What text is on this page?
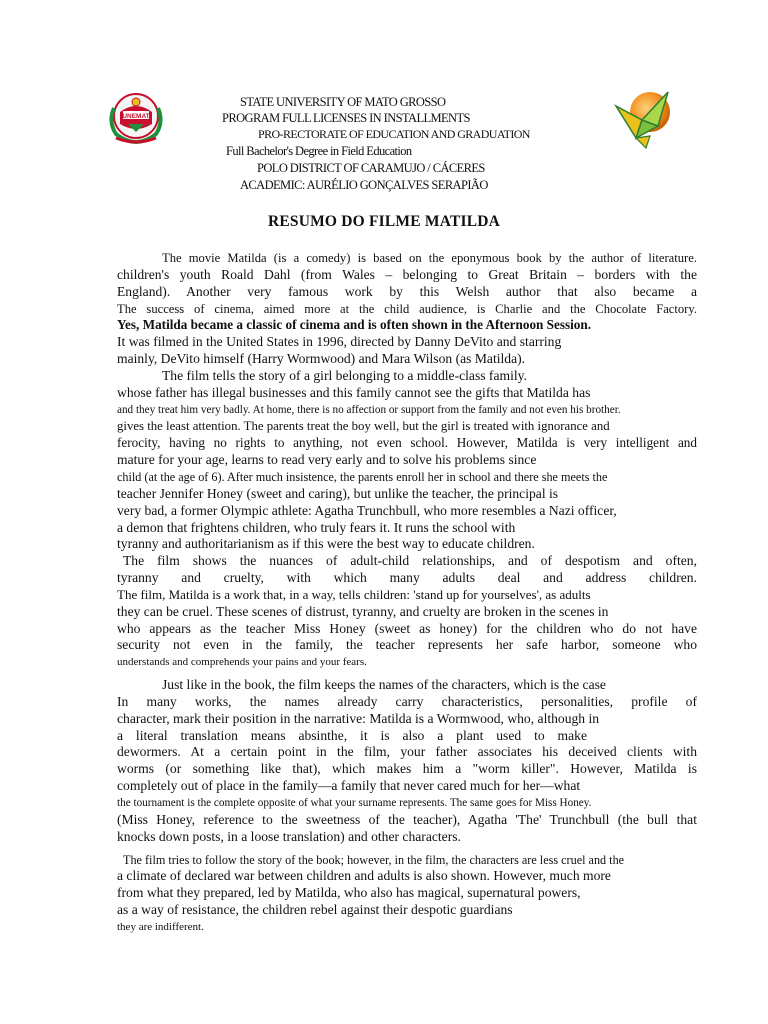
UNEMAT
STATE UNIVERSITY OF MATO GROSSO
PROGRAM FULL LICENSES IN INSTALLMENTS
PRO-RECTORATE OF EDUCATION AND GRADUATION
Full Bachelor's Degree in Field Education
POLO DISTRICT OF CARAMUJO / CÁCERES
ACADEMIC: AURÉLIO GONÇALVES SERAPIÃO
RESUMO DO FILME MATILDA
The movie Matilda (is a comedy) is based on the eponymous book by the author of literature.
children's youth Roald Dahl (from Wales – belonging to Great Britain – borders with the
England). Another very famous work by this Welsh author that also became a
The success of cinema, aimed more at the child audience, is Charlie and the Chocolate Factory.
Yes, Matilda became a classic of cinema and is often shown in the Afternoon Session.
It was filmed in the United States in 1996, directed by Danny DeVito and starring
mainly, DeVito himself (Harry Wormwood) and Mara Wilson (as Matilda).
The film tells the story of a girl belonging to a middle-class family.
whose father has illegal businesses and this family cannot see the gifts that Matilda has
and they treat him very badly. At home, there is no affection or support from the family and not even his brother.
gives the least attention. The parents treat the boy well, but the girl is treated with ignorance and
ferocity, having no rights to anything, not even school. However, Matilda is very intelligent and
mature for your age, learns to read very early and to solve his problems since
child (at the age of 6). After much insistence, the parents enroll her in school and there she meets the
teacher Jennifer Honey (sweet and caring), but unlike the teacher, the principal is
very bad, a former Olympic athlete: Agatha Trunchbull, who more resembles a Nazi officer,
a demon that frightens children, who truly fears it. It runs the school with
tyranny and authoritarianism as if this were the best way to educate children.
The film shows the nuances of adult-child relationships, and of despotism and often,
tyranny and cruelty, with which many adults deal and address children.
The film, Matilda is a work that, in a way, tells children: 'stand up for yourselves', as adults
they can be cruel. These scenes of distrust, tyranny, and cruelty are broken in the scenes in
who appears as the teacher Miss Honey (sweet as honey) for the children who do not have
security not even in the family, the teacher represents her safe harbor, someone who
understands and comprehends your pains and your fears.
Just like in the book, the film keeps the names of the characters, which is the case
In many works, the names already carry characteristics, personalities, profile of
character, mark their position in the narrative: Matilda is a Wormwood, who, although in
a literal translation means absinthe, it is also a plant used to make
dewormers. At a certain point in the film, your father associates his deceived clients with
worms (or something like that), which makes him a "worm killer". However, Matilda is
completely out of place in the family—a family that never cared much for her—what
the tournament is the complete opposite of what your surname represents. The same goes for Miss Honey.
(Miss Honey, reference to the sweetness of the teacher), Agatha 'The' Trunchbull (the bull that
knocks down posts, in a loose translation) and other characters.
The film tries to follow the story of the book; however, in the film, the characters are less cruel and the
a climate of declared war between children and adults is also shown. However, much more
from what they prepared, led by Matilda, who also has magical, supernatural powers,
as a way of resistance, the children rebel against their despotic guardians
they are indifferent.
